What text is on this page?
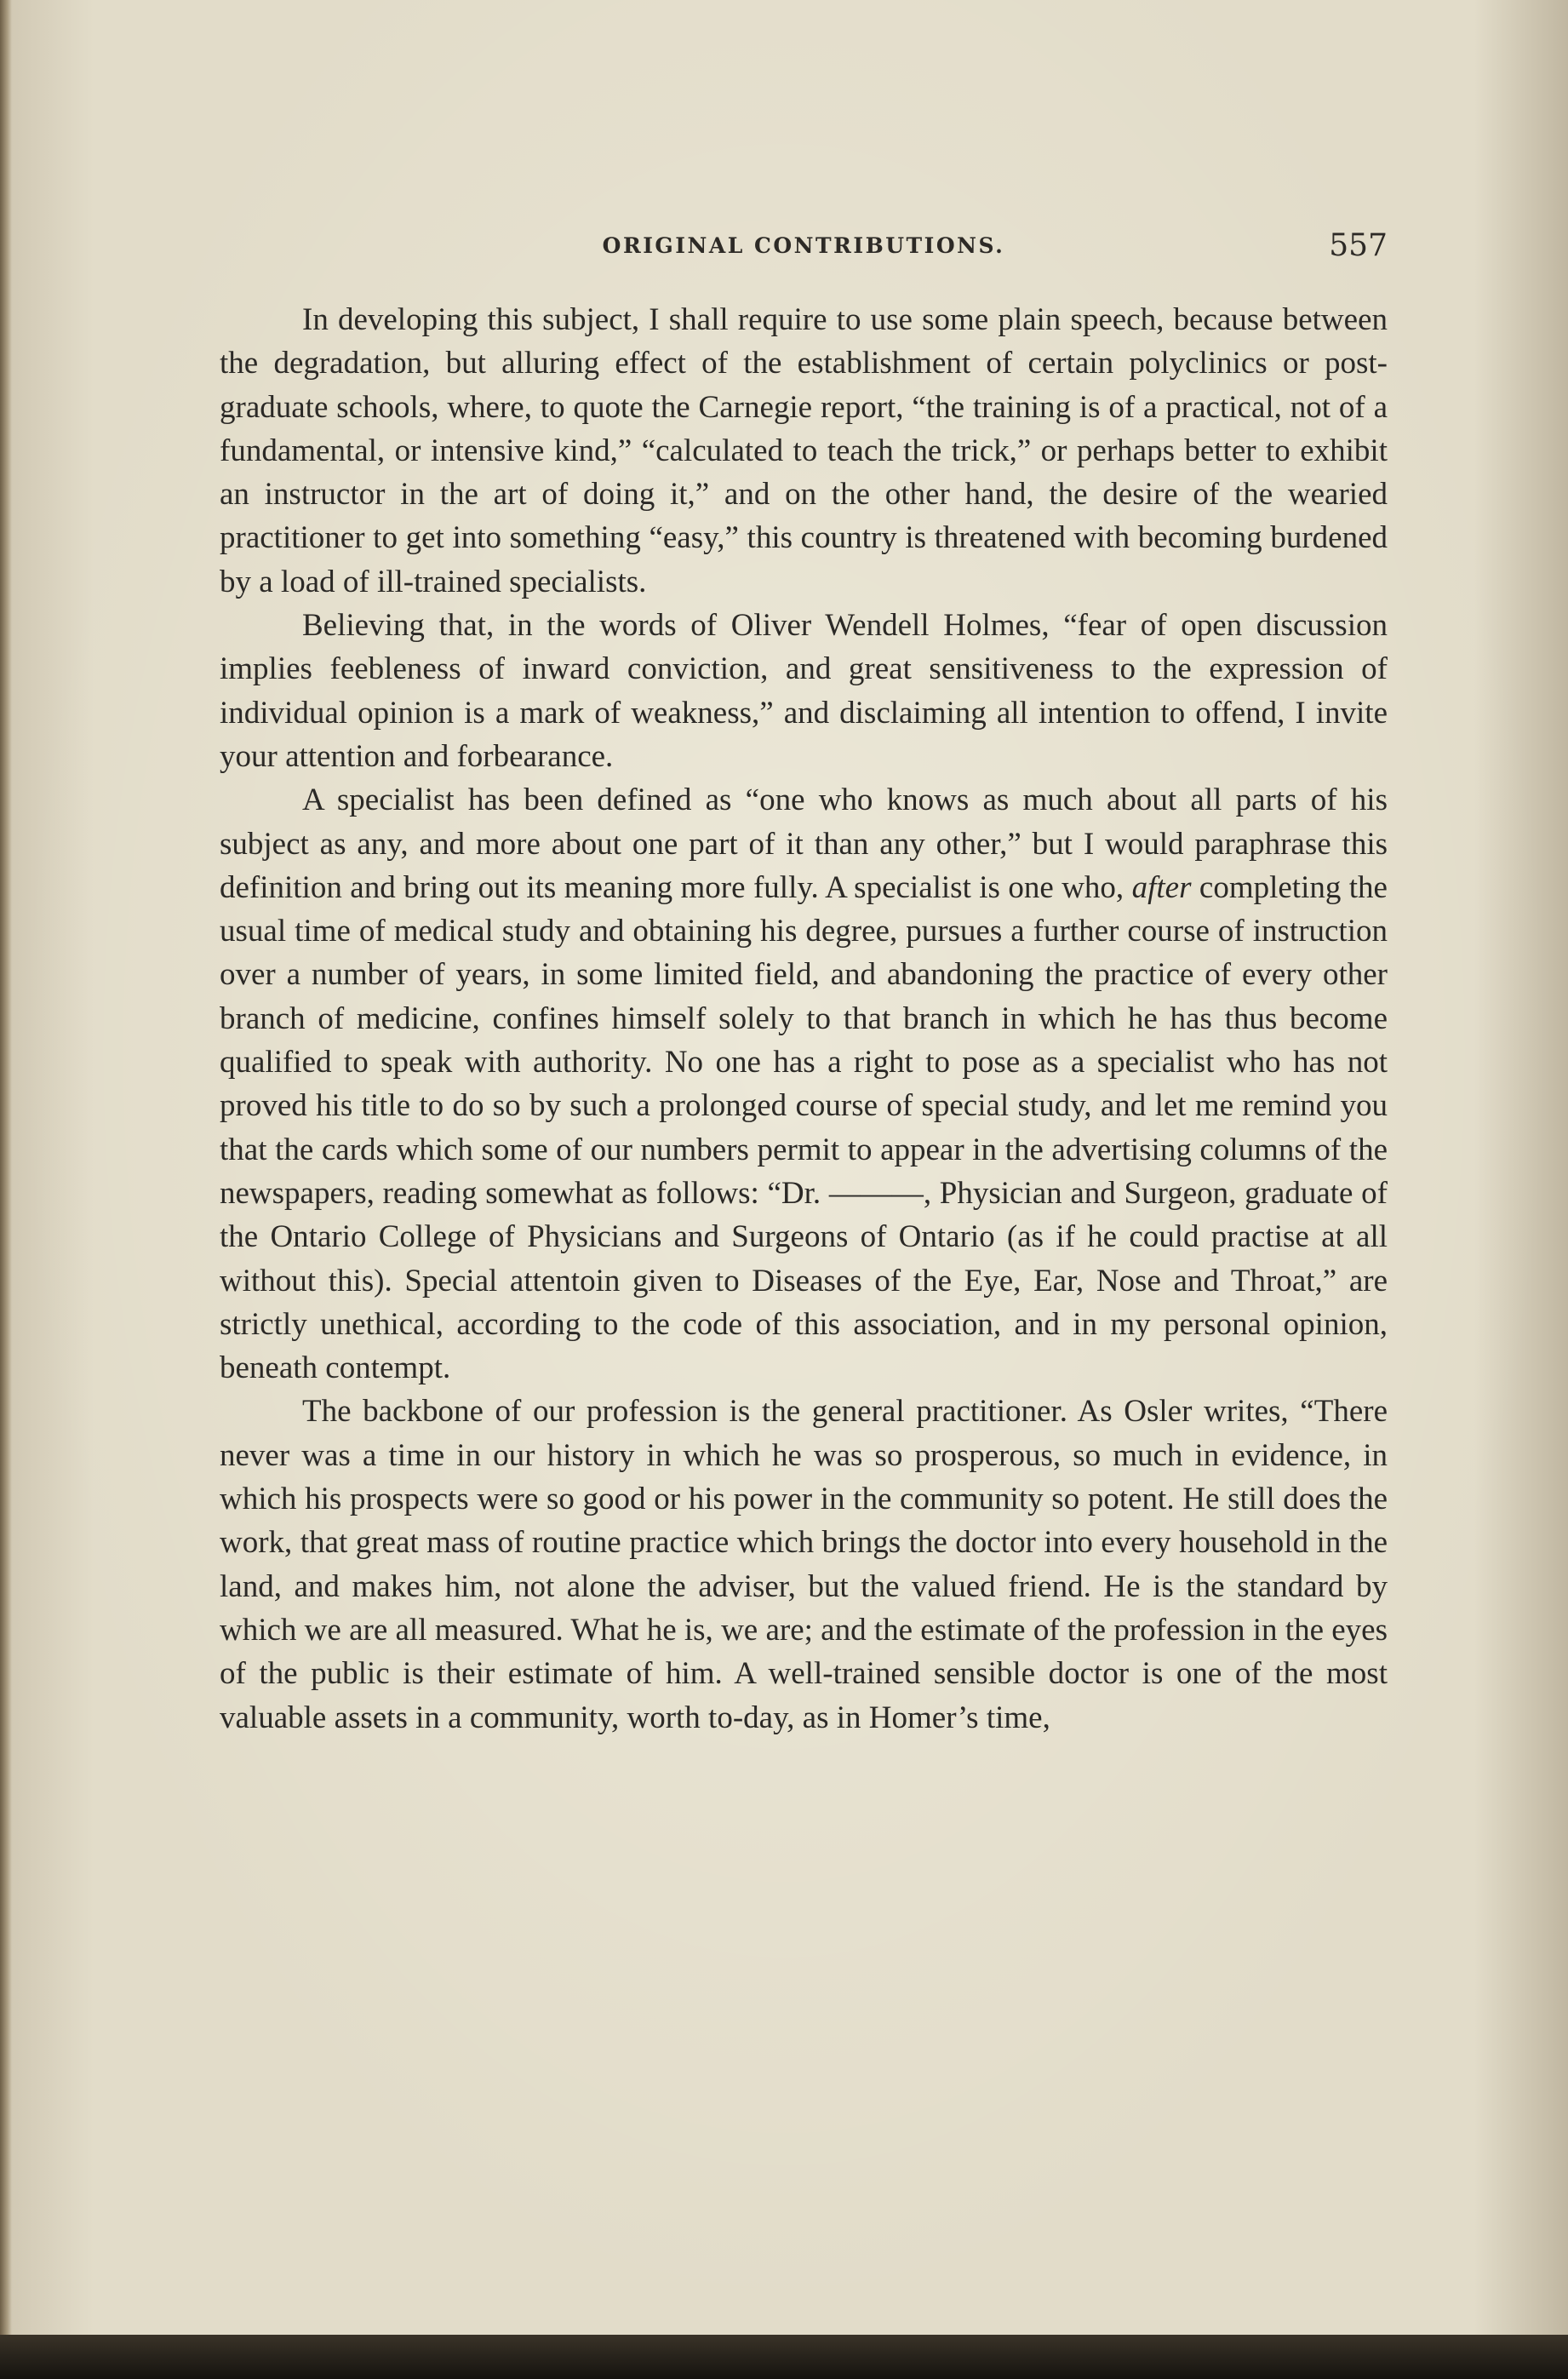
ORIGINAL CONTRIBUTIONS.	557

In developing this subject, I shall require to use some plain speech, because between the degradation, but alluring effect of the establishment of certain polyclinics or post-graduate schools, where, to quote the Carnegie report, “the training is of a practical, not of a fundamental, or intensive kind,” “calculated to teach the trick,” or perhaps better to exhibit an instructor in the art of doing it,” and on the other hand, the desire of the wearied practitioner to get into something “easy,” this country is threatened with becoming burdened by a load of ill-trained specialists.

Believing that, in the words of Oliver Wendell Holmes, “fear of open discussion implies feebleness of inward conviction, and great sensitiveness to the expression of individual opinion is a mark of weakness,” and disclaiming all intention to offend, I invite your attention and forbearance.

A specialist has been defined as “one who knows as much about all parts of his subject as any, and more about one part of it than any other,” but I would paraphrase this definition and bring out its meaning more fully. A specialist is one who, after completing the usual time of medical study and obtaining his degree, pursues a further course of instruction over a number of years, in some limited field, and abandoning the practice of every other branch of medicine, confines himself solely to that branch in which he has thus become qualified to speak with authority. No one has a right to pose as a specialist who has not proved his title to do so by such a prolonged course of special study, and let me remind you that the cards which some of our numbers permit to appear in the advertising columns of the newspapers, reading somewhat as follows: “Dr. ———, Physician and Surgeon, graduate of the Ontario College of Physicians and Surgeons of Ontario (as if he could practise at all without this). Special attentoin given to Diseases of the Eye, Ear, Nose and Throat,” are strictly unethical, according to the code of this association, and in my personal opinion, beneath contempt.

The backbone of our profession is the general practitioner. As Osler writes, “There never was a time in our history in which he was so prosperous, so much in evidence, in which his prospects were so good or his power in the community so potent. He still does the work, that great mass of routine practice which brings the doctor into every household in the land, and makes him, not alone the adviser, but the valued friend. He is the standard by which we are all measured. What he is, we are; and the estimate of the profession in the eyes of the public is their estimate of him. A well-trained sensible doctor is one of the most valuable assets in a community, worth to-day, as in Homer’s time,
